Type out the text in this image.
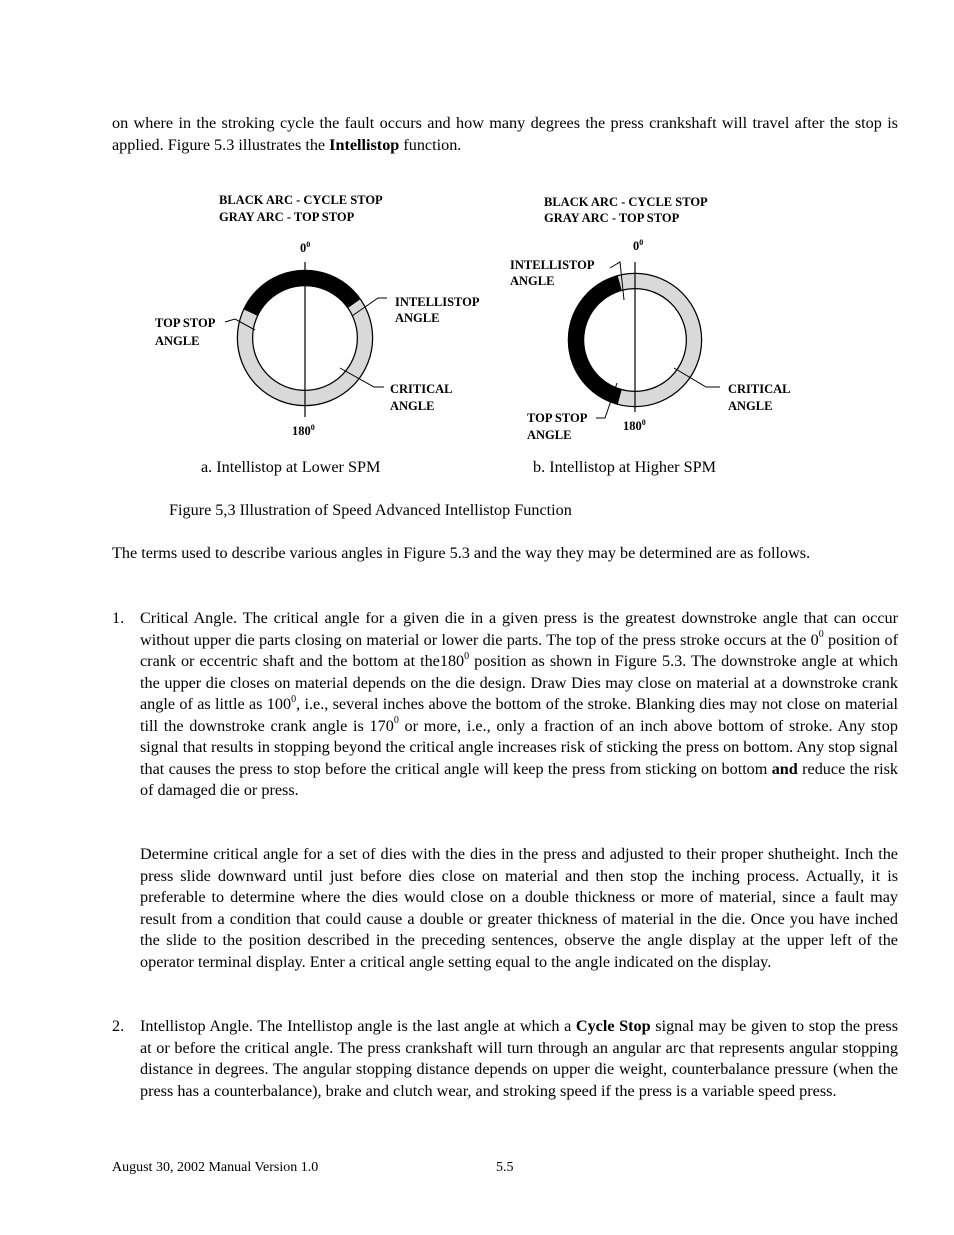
on where in the stroking cycle the fault occurs and how many degrees the press crankshaft will travel after the stop is applied. Figure 5.3 illustrates the Intellistop function.

BLACK ARC - CYCLE STOP
GRAY ARC - TOP STOP
$0^0$
$180^0$
TOP STOP
ANGLE
INTELLISTOP
ANGLE
CRITICAL
ANGLE
BLACK ARC - CYCLE STOP
GRAY ARC - TOP STOP
$0^0$
$180^0$
INTELLISTOP
ANGLE
CRITICAL
ANGLE
TOP STOP
ANGLE
a. Intellistop at Lower SPM	b. Intellistop at Higher SPM
Figure 5,3 Illustration of Speed Advanced Intellistop Function

The terms used to describe various angles in Figure 5.3 and the way they may be determined are as follows.

1. Critical Angle. The critical angle for a given die in a given press is the greatest downstroke angle that can occur without upper die parts closing on material or lower die parts. The top of the press stroke occurs at the $0^0$ position of crank or eccentric shaft and the bottom at $the180^0$ position as shown in Figure 5.3. The downstroke angle at which the upper die closes on material depends on the die design. Draw Dies may close on material at a downstroke crank angle of as little as $100^0$, i.e., several inches above the bottom of the stroke. Blanking dies may not close on material till the downstroke crank angle is $170^0$ or more, i.e., only a fraction of an inch above bottom of stroke. Any stop signal that results in stopping beyond the critical angle increases risk of sticking the press on bottom. Any stop signal that causes the press to stop before the critical angle will keep the press from sticking on bottom and reduce the risk of damaged die or press.

Determine critical angle for a set of dies with the dies in the press and adjusted to their proper shutheight. Inch the press slide downward until just before dies close on material and then stop the inching process. Actually, it is preferable to determine where the dies would close on a double thickness or more of material, since a fault may result from a condition that could cause a double or greater thickness of material in the die. Once you have inched the slide to the position described in the preceding sentences, observe the angle display at the upper left of the operator terminal display. Enter a critical angle setting equal to the angle indicated on the display.

2. Intellistop Angle. The Intellistop angle is the last angle at which a Cycle Stop signal may be given to stop the press at or before the critical angle. The press crankshaft will turn through an angular arc that represents angular stopping distance in degrees. The angular stopping distance depends on upper die weight, counterbalance pressure (when the press has a counterbalance), brake and clutch wear, and stroking speed if the press is a variable speed press.

August 30, 2002 Manual Version 1.0	5.5
